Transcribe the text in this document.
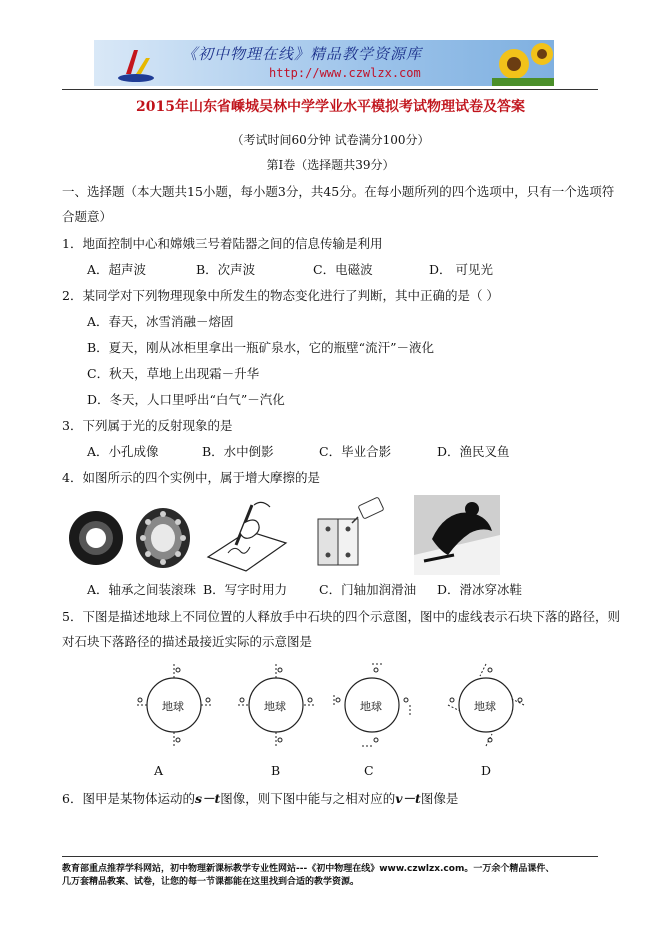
《初中物理在线》精品教学资源库
http://www.czwlzx.com
2015年山东省嵊城吴林中学学业水平模拟考试物理试卷及答案
（考试时间60分钟 试卷满分100分）
第Ⅰ卷（选择题共39分）
一、选择题（本大题共15小题，每小题3分，共45分。在每小题所列的四个选项中，只有一个选项符
合题意）
1．地面控制中心和嫦娥三号着陆器之间的信息传输是利用
A．超声波	B．次声波	C．电磁波	D． 可见光
2．某同学对下列物理现象中所发生的物态变化进行了判断，其中正确的是（ ）
A．春天，冰雪消融－熔固
B．夏天，刚从冰柜里拿出一瓶矿泉水，它的瓶壁“流汗”－液化
C．秋天，草地上出现霜－升华
D．冬天，人口里呼出“白气”－汽化
3．下列属于光的反射现象的是
A．小孔成像	B．水中倒影	C．毕业合影	D．渔民叉鱼
4．如图所示的四个实例中，属于增大摩擦的是
A．轴承之间装滚珠 B．写字时用力	C．门轴加润滑油 D．滑冰穿冰鞋
5．下图是描述地球上不同位置的人释放手中石块的四个示意图，图中的虚线表示石块下落的路径，则
对石块下落路径的描述最接近实际的示意图是
地球	地球	地球	地球
A	B	C	D
6．图甲是某物体运动的s－t图像，则下图中能与之相对应的v－t图像是
教育部重点推荐学科网站，初中物理新课标教学专业性网站---《初中物理在线》www.czwlzx.com。一万余个精品课件、
几万套精品教案、试卷，让您的每一节课都能在这里找到合适的教学资源。
